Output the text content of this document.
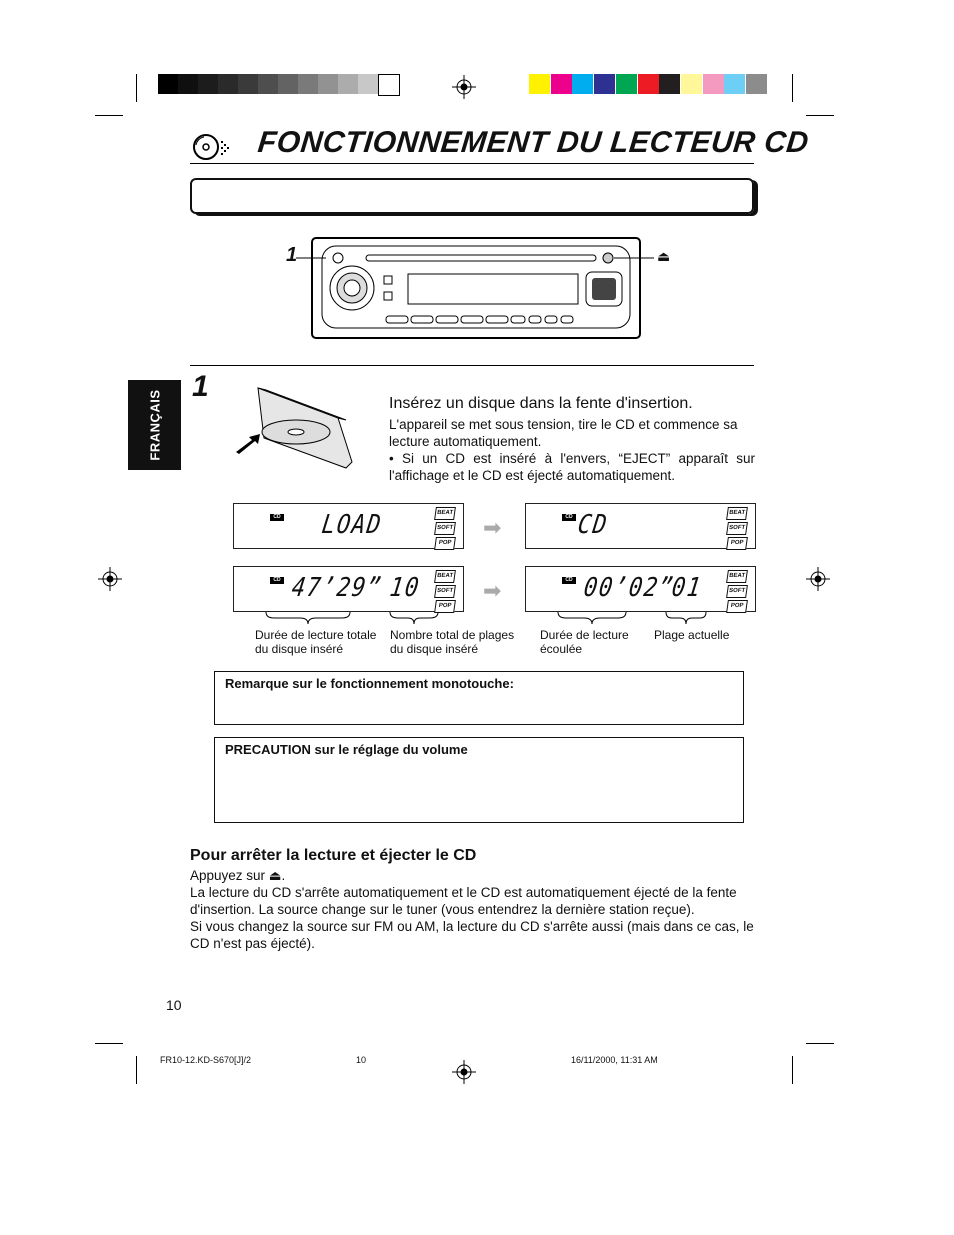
FONCTIONNEMENT DU LECTEUR CD
1	⏏
FRANÇAIS
1
Insérez un disque dans la fente d'insertion.
L'appareil se met sous tension, tire le CD et commence sa lecture automatiquement.
• Si un CD est inséré à l'envers, “EJECT” apparaît sur l'affichage et le CD est éjecté automatiquement.
CD LOAD	BEAT
SOFT
POP
➡	CD CD	BEAT
SOFT
POP
CD 47’29” 10	BEAT
SOFT
POP
➡	CD 00’02”
01	BEAT
SOFT
POP
Durée de lecture totale du disque inséré
Nombre total de plages du disque inséré
Durée de lecture écoulée
Plage actuelle
Remarque sur le fonctionnement monotouche:
PRECAUTION sur le réglage du volume
Pour arrêter la lecture et éjecter le CD
Appuyez sur ⏏.
La lecture du CD s'arrête automatiquement et le CD est automatiquement éjecté de la fente d'insertion. La source change sur le tuner (vous entendrez la dernière station reçue).
Si vous changez la source sur FM ou AM, la lecture du CD s'arrête aussi (mais dans ce cas, le CD n'est pas éjecté).
10
FR10-12.KD-S670[J]/2	10	16/11/2000, 11:31 AM
